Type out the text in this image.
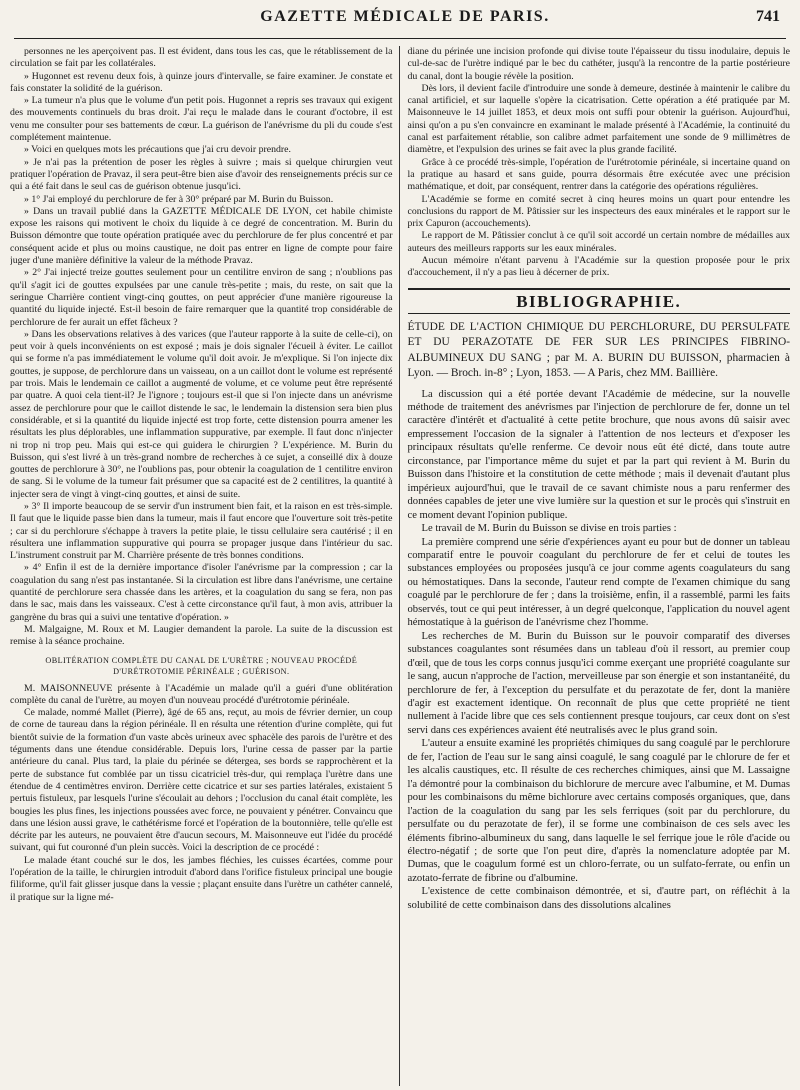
GAZETTE MÉDICALE DE PARIS.	741

personnes ne les aperçoivent pas. Il est évident, dans tous les cas, que le rétablissement de la circulation se fait par les collatérales.

» Hugonnet est revenu deux fois, à quinze jours d'intervalle, se faire examiner. Je constate et fais constater la solidité de la guérison.

» La tumeur n'a plus que le volume d'un petit pois. Hugonnet a repris ses travaux qui exigent des mouvements continuels du bras droit. J'ai reçu le malade dans le courant d'octobre, il est venu me consulter pour ses battements de cœur. La guérison de l'anévrisme du pli du coude s'est complétement maintenue.

» Voici en quelques mots les précautions que j'ai cru devoir prendre.

» Je n'ai pas la prétention de poser les règles à suivre ; mais si quelque chirurgien veut pratiquer l'opération de Pravaz, il sera peut-être bien aise d'avoir des renseignements précis sur ce qui a été fait dans le seul cas de guérison obtenue jusqu'ici.

» 1° J'ai employé du perchlorure de fer à 30° préparé par M. Burin du Buisson.

» Dans un travail publié dans la GAZETTE MÉDICALE DE LYON, cet habile chimiste expose les raisons qui motivent le choix du liquide à ce degré de concentration. M. Burin du Buisson démontre que toute opération pratiquée avec du perchlorure de fer plus concentré et par conséquent acide et plus ou moins caustique, ne doit pas entrer en ligne de compte pour faire juger d'une manière définitive la valeur de la méthode Pravaz.

» 2° J'ai injecté treize gouttes seulement pour un centilitre environ de sang ; n'oublions pas qu'il s'agit ici de gouttes expulsées par une canule très-petite ; mais, du reste, on sait que la seringue Charrière contient vingt-cinq gouttes, on peut apprécier d'une manière rigoureuse la quantité du liquide injecté. Est-il besoin de faire remarquer que la quantité trop considérable de perchlorure de fer aurait un effet fâcheux ?

» Dans les observations relatives à des varices (que l'auteur rapporte à la suite de celle-ci), on peut voir à quels inconvénients on est exposé ; mais je dois signaler l'écueil à éviter. Le caillot qui se forme n'a pas immédiatement le volume qu'il doit avoir. Je m'explique. Si l'on injecte dix gouttes, je suppose, de perchlorure dans un vaisseau, on a un caillot dont le volume est représenté par trois. Mais le lendemain ce caillot a augmenté de volume, et ce volume peut être représenté par quatre. A quoi cela tient-il? Je l'ignore ; toujours est-il que si l'on injecte dans un anévrisme assez de perchlorure pour que le caillot distende le sac, le lendemain la distension sera bien plus considérable, et si la quantité du liquide injecté est trop forte, cette distension pourra amener les résultats les plus déplorables, une inflammation suppurative, par exemple. Il faut donc n'injecter ni trop ni trop peu. Mais qui est-ce qui guidera le chirurgien ? L'expérience. M. Burin du Buisson, qui s'est livré à un très-grand nombre de recherches à ce sujet, a conseillé dix à douze gouttes de perchlorure à 30°, ne l'oublions pas, pour obtenir la coagulation de 1 centilitre environ de sang. Si le volume de la tumeur fait présumer que sa capacité est de 2 centilitres, la quantité à injecter sera de vingt à vingt-cinq gouttes, et ainsi de suite.

» 3° Il importe beaucoup de se servir d'un instrument bien fait, et la raison en est très-simple. Il faut que le liquide passe bien dans la tumeur, mais il faut encore que l'ouverture soit très-petite ; car si du perchlorure s'échappe à travers la petite plaie, le tissu cellulaire sera cautérisé ; il en résultera une inflammation suppurative qui pourra se propager jusque dans l'intérieur du sac. L'instrument construit par M. Charrière présente de très bonnes conditions.

» 4° Enfin il est de la dernière importance d'isoler l'anévrisme par la compression ; car la coagulation du sang n'est pas instantanée. Si la circulation est libre dans l'anévrisme, une certaine quantité de perchlorure sera chassée dans les artères, et la coagulation du sang se fera, non pas dans le sac, mais dans les vaisseaux. C'est à cette circonstance qu'il faut, à mon avis, attribuer la gangrène du bras qui a suivi une tentative d'opération. »

M. Malgaigne, M. Roux et M. Laugier demandent la parole. La suite de la discussion est remise à la séance prochaine.

OBLITÉRATION COMPLÈTE DU CANAL DE L'URÈTRE ; NOUVEAU PROCÉDÉ D'URÉTROTOMIE PÉRINÉALE ; GUÉRISON.

M. MAISONNEUVE présente à l'Académie un malade qu'il a guéri d'une oblitération complète du canal de l'urètre, au moyen d'un nouveau procédé d'urétrotomie périnéale.

Ce malade, nommé Mallet (Pierre), âgé de 65 ans, reçut, au mois de février dernier, un coup de corne de taureau dans la région périnéale. Il en résulta une rétention d'urine complète, qui fut bientôt suivie de la formation d'un vaste abcès urineux avec sphacèle des parois de l'urètre et des téguments dans une étendue considérable. Depuis lors, l'urine cessa de passer par la partie antérieure du canal. Plus tard, la plaie du périnée se détergea, ses bords se rapprochèrent et la perte de substance fut comblée par un tissu cicatriciel très-dur, qui remplaça l'urètre dans une étendue de 4 centimètres environ. Derrière cette cicatrice et sur ses parties latérales, existaient 5 pertuis fistuleux, par lesquels l'urine s'écoulait au dehors ; l'occlusion du canal était complète, les bougies les plus fines, les injections poussées avec force, ne pouvaient y pénétrer. Convaincu que dans une lésion aussi grave, le cathétérisme forcé et l'opération de la boutonnière, telle qu'elle est décrite par les auteurs, ne pouvaient être d'aucun secours, M. Maisonneuve eut l'idée du procédé suivant, qui fut couronné d'un plein succès. Voici la description de ce procédé :

Le malade étant couché sur le dos, les jambes fléchies, les cuisses écartées, comme pour l'opération de la taille, le chirurgien introduit d'abord dans l'orifice fistuleux principal une bougie filiforme, qu'il fait glisser jusque dans la vessie ; plaçant ensuite dans l'urètre un cathéter cannelé, il pratique sur la ligne mé-

diane du périnée une incision profonde qui divise toute l'épaisseur du tissu inodulaire, depuis le cul-de-sac de l'urètre indiqué par le bec du cathéter, jusqu'à la rencontre de la partie postérieure du canal, dont la bougie révèle la position.

Dès lors, il devient facile d'introduire une sonde à demeure, destinée à maintenir le calibre du canal artificiel, et sur laquelle s'opère la cicatrisation. Cette opération a été pratiquée par M. Maisonneuve le 14 juillet 1853, et deux mois ont suffi pour obtenir la guérison. Aujourd'hui, ainsi qu'on a pu s'en convaincre en examinant le malade présenté à l'Académie, la continuité du canal est parfaitement rétablie, son calibre admet parfaitement une sonde de 9 millimètres de diamètre, et l'expulsion des urines se fait avec la plus grande facilité.

Grâce à ce procédé très-simple, l'opération de l'urétrotomie périnéale, si incertaine quand on la pratique au hasard et sans guide, pourra désormais être exécutée avec une précision mathématique, et doit, par conséquent, rentrer dans la catégorie des opérations régulières.

L'Académie se forme en comité secret à cinq heures moins un quart pour entendre les conclusions du rapport de M. Pâtissier sur les inspecteurs des eaux minérales et le rapport sur le prix Capuron (accouchements).

Le rapport de M. Pâtissier conclut à ce qu'il soit accordé un certain nombre de médailles aux auteurs des meilleurs rapports sur les eaux minérales.

Aucun mémoire n'étant parvenu à l'Académie sur la question proposée pour le prix d'accouchement, il n'y a pas lieu à décerner de prix.

BIBLIOGRAPHIE.

ÉTUDE DE L'ACTION CHIMIQUE DU PERCHLORURE, DU PERSULFATE ET DU PERAZOTATE DE FER SUR LES PRINCIPES FIBRINO-ALBUMINEUX DU SANG ; par M. A. BURIN DU BUISSON, pharmacien à Lyon. — Broch. in-8° ; Lyon, 1853. — A Paris, chez MM. Baillière.

La discussion qui a été portée devant l'Académie de médecine, sur la nouvelle méthode de traitement des anévrismes par l'injection de perchlorure de fer, donne un tel caractère d'intérêt et d'actualité à cette petite brochure, que nous avons dû saisir avec empressement l'occasion de la signaler à l'attention de nos lecteurs et d'exposer les principaux résultats qu'elle renferme. Ce devoir nous eût été dicté, dans toute autre circonstance, par l'importance même du sujet et par la part qui revient à M. Burin du Buisson dans l'histoire et la constitution de cette méthode ; mais il devenait d'autant plus impérieux aujourd'hui, que le travail de ce savant chimiste nous a paru renfermer des données capables de jeter une vive lumière sur la question et sur le procès qui s'instruit en ce moment devant l'opinion publique.

Le travail de M. Burin du Buisson se divise en trois parties :

La première comprend une série d'expériences ayant eu pour but de donner un tableau comparatif entre le pouvoir coagulant du perchlorure de fer et celui de toutes les substances employées ou proposées jusqu'à ce jour comme agents coagulateurs du sang ou hémostatiques. Dans la seconde, l'auteur rend compte de l'examen chimique du sang coagulé par le perchlorure de fer ; dans la troisième, enfin, il a rassemblé, parmi les faits observés, tout ce qui peut intéresser, à un degré quelconque, l'application du nouvel agent hémostatique à la guérison de l'anévrisme chez l'homme.

Les recherches de M. Burin du Buisson sur le pouvoir comparatif des diverses substances coagulantes sont résumées dans un tableau d'où il ressort, au premier coup d'œil, que de tous les corps connus jusqu'ici comme exerçant une propriété coagulante sur le sang, aucun n'approche de l'action, merveilleuse par son énergie et son instantanéité, du perchlorure de fer, à l'exception du persulfate et du perazotate de fer, dont la manière d'agir est exactement identique. On reconnaît de plus que cette propriété ne tient nullement à l'acide libre que ces sels contiennent presque toujours, car ceux dont on s'est servi dans ces expériences avaient été neutralisés avec le plus grand soin.

L'auteur a ensuite examiné les propriétés chimiques du sang coagulé par le perchlorure de fer, l'action de l'eau sur le sang ainsi coagulé, le sang coagulé par le chlorure de fer et les alcalis caustiques, etc. Il résulte de ces recherches chimiques, ainsi que M. Lassaigne l'a démontré pour la combinaison du bichlorure de mercure avec l'albumine, et M. Dumas pour les combinaisons du même bichlorure avec certains composés organiques, que, dans l'action de la coagulation du sang par les sels ferriques (soit par du perchlorure, du persulfate ou du perazotate de fer), il se forme une combinaison de ces sels avec les éléments fibrino-albumineux du sang, dans laquelle le sel ferrique joue le rôle d'acide ou électro-négatif ; de sorte que l'on peut dire, d'après la nomenclature adoptée par M. Dumas, que le coagulum formé est un chloro-ferrate, ou un sulfato-ferrate, ou enfin un azotato-ferrate de fibrine ou d'albumine.

L'existence de cette combinaison démontrée, et si, d'autre part, on réfléchit à la solubilité de cette combinaison dans des dissolutions alcalines
